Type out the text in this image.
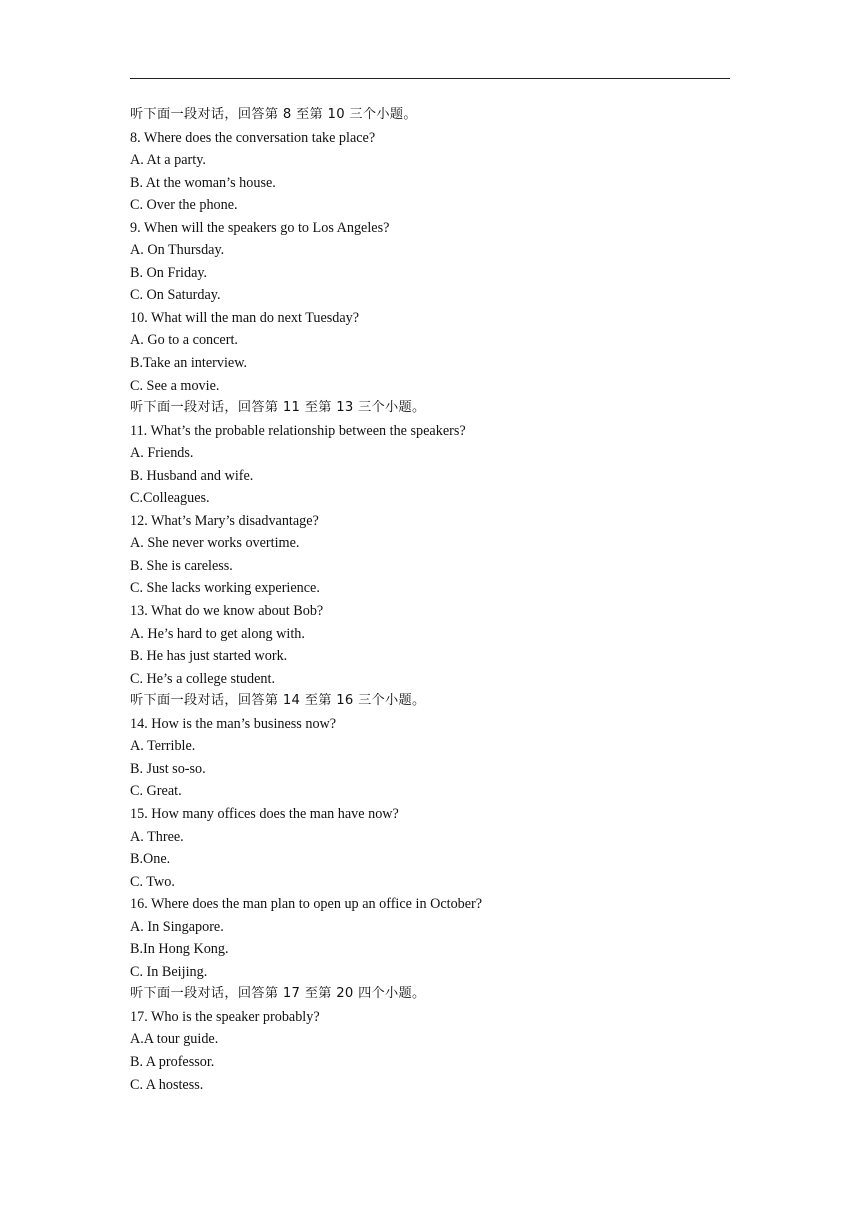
听下面一段对话，回答第 8 至第 10 三个小题。
8. Where does the conversation take place?
A. At a party.
B. At the woman’s house.
C. Over the phone.
9. When will the speakers go to Los Angeles?
A. On Thursday.
B. On Friday.
C. On Saturday.
10. What will the man do next Tuesday?
A. Go to a concert.
B.Take an interview.
C. See a movie.
听下面一段对话，回答第 11 至第 13 三个小题。
11. What’s the probable relationship between the speakers?
A. Friends.
B. Husband and wife.
C.Colleagues.
12. What’s Mary’s disadvantage?
A. She never works overtime.
B. She is careless.
C. She lacks working experience.
13. What do we know about Bob?
A. He’s hard to get along with.
B. He has just started work.
C. He’s a college student.
听下面一段对话，回答第 14 至第 16 三个小题。
14. How is the man’s business now?
A. Terrible.
B. Just so-so.
C. Great.
15. How many offices does the man have now?
A. Three.
B.One.
C. Two.
16. Where does the man plan to open up an office in October?
A. In Singapore.
B.In Hong Kong.
C. In Beijing.
听下面一段对话，回答第 17 至第 20 四个小题。
17. Who is the speaker probably?
A.A tour guide.
B. A professor.
C. A hostess.
